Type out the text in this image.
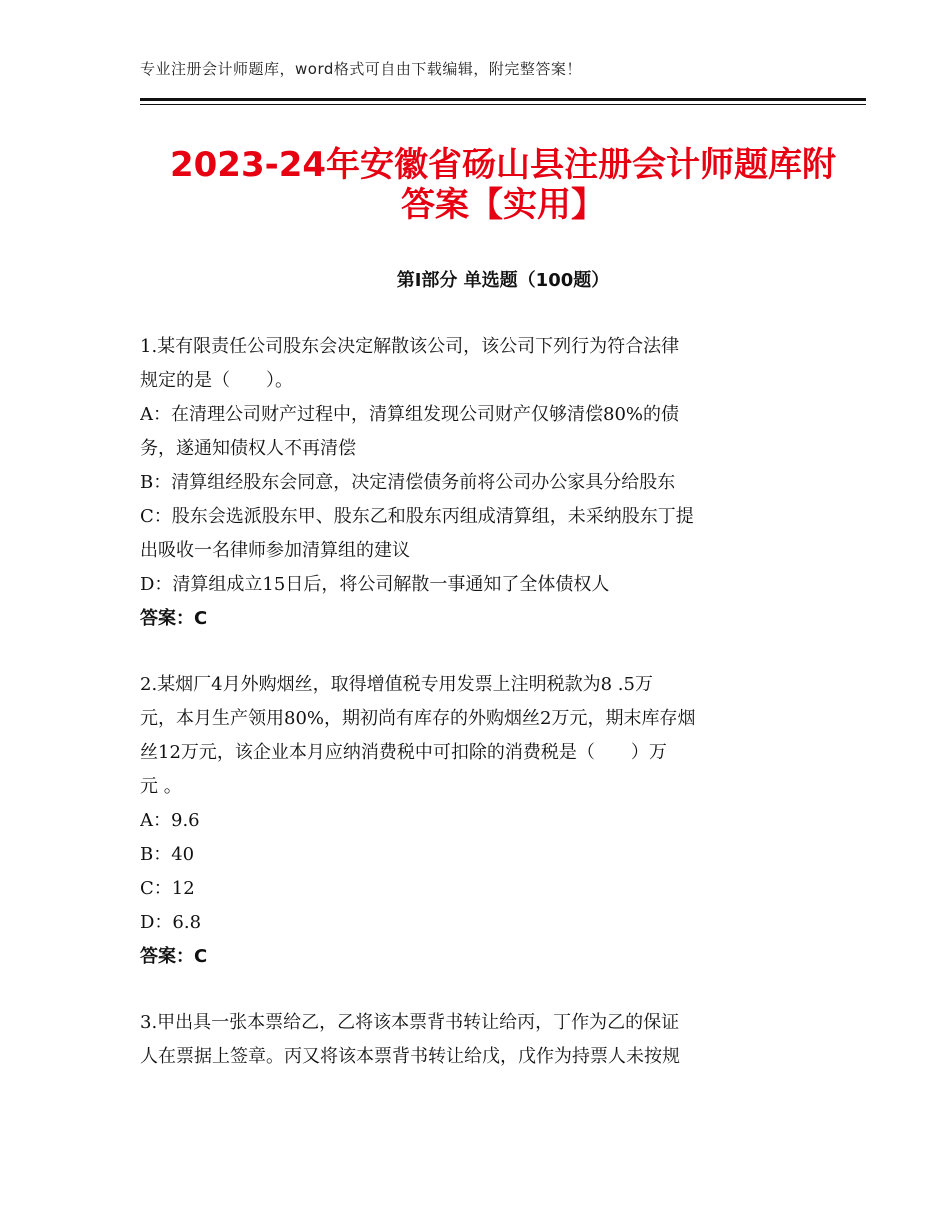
专业注册会计师题库，word格式可自由下载编辑，附完整答案！
2023-24年安徽省砀山县注册会计师题库附
答案【实用】
第Ⅰ部分 单选题（100题）
1.某有限责任公司股东会决定解散该公司，该公司下列行为符合法律
规定的是（　　）。
A：在清理公司财产过程中，清算组发现公司财产仅够清偿80%的债
务，遂通知债权人不再清偿
B：清算组经股东会同意，决定清偿债务前将公司办公家具分给股东
C：股东会选派股东甲、股东乙和股东丙组成清算组，未采纳股东丁提
出吸收一名律师参加清算组的建议
D：清算组成立15日后，将公司解散一事通知了全体债权人
答案：C
2.某烟厂4月外购烟丝，取得增值税专用发票上注明税款为8 .5万
元，本月生产领用80%，期初尚有库存的外购烟丝2万元，期末库存烟
丝12万元，该企业本月应纳消费税中可扣除的消费税是（　　）万
元 。
A：9.6
B：40
C：12
D：6.8
答案：C
3.甲出具一张本票给乙，乙将该本票背书转让给丙，丁作为乙的保证
人在票据上签章。丙又将该本票背书转让给戊，戊作为持票人未按规
